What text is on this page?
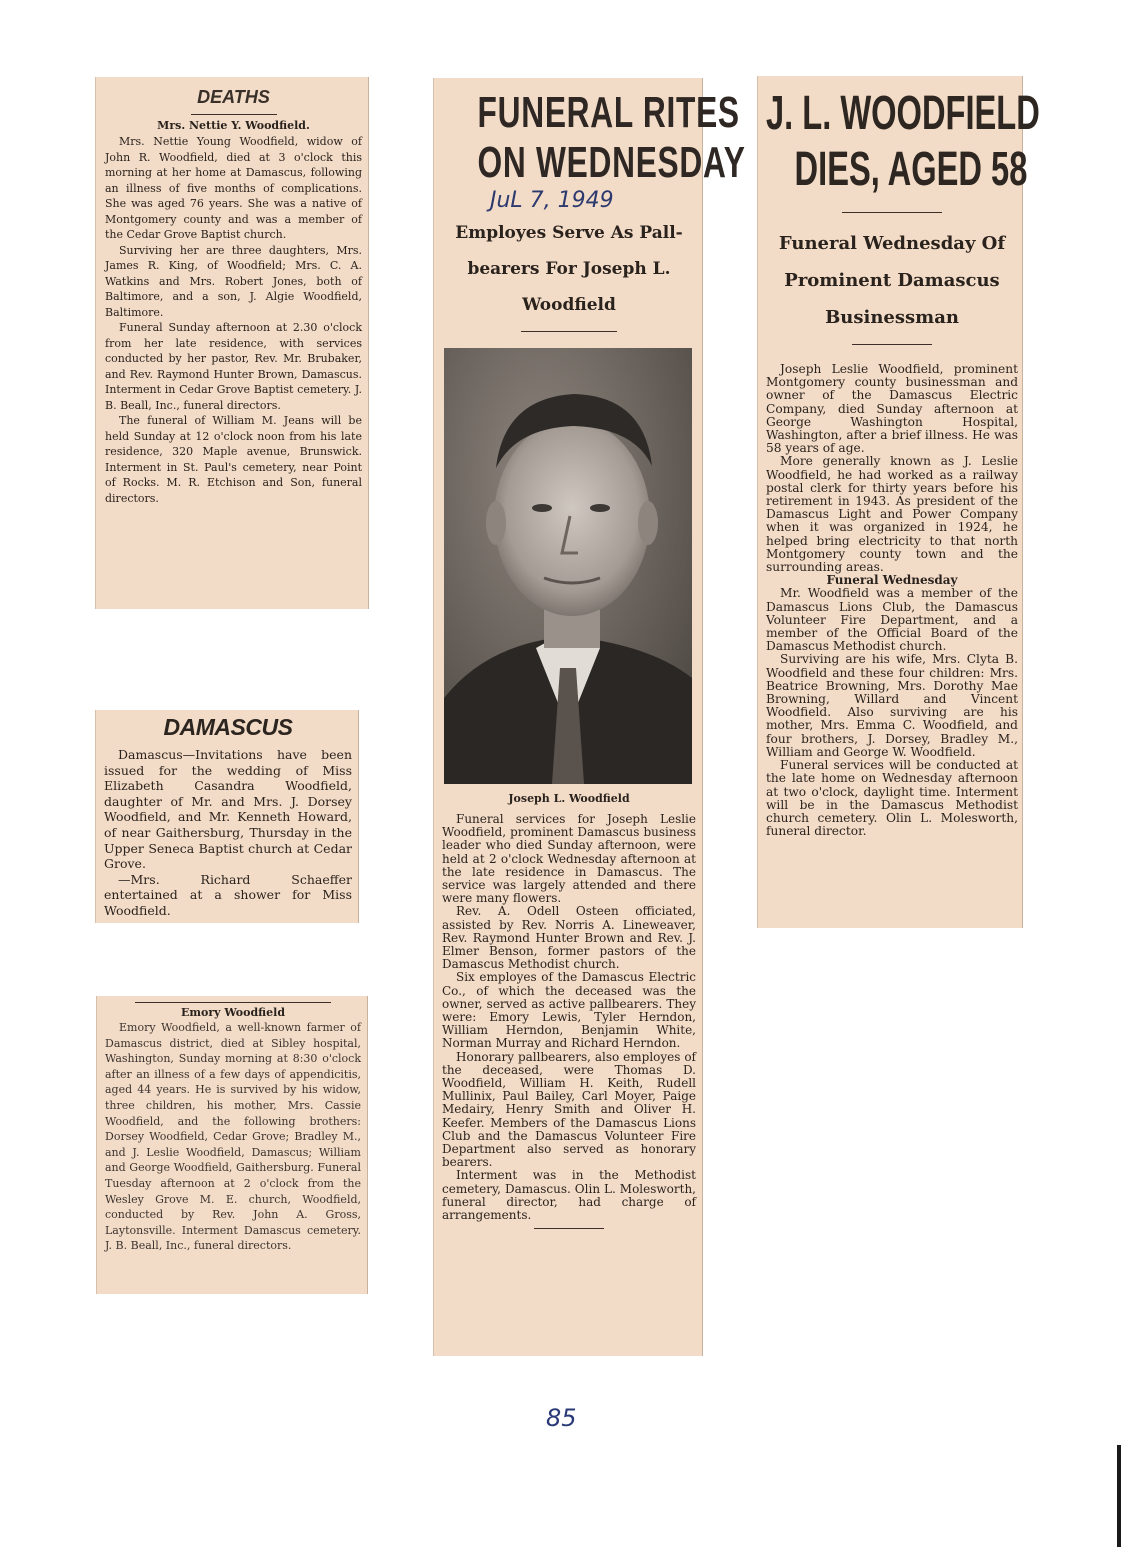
DEATHS
Mrs. Nettie Y. Woodfield.

Mrs. Nettie Young Woodfield, widow of John R. Woodfield, died at 3 o'clock this morning at her home at Damascus, following an illness of five months of complications. She was aged 76 years. She was a native of Montgomery county and was a member of the Cedar Grove Baptist church.

Surviving her are three daughters, Mrs. James R. King, of Woodfield; Mrs. C. A. Watkins and Mrs. Robert Jones, both of Baltimore, and a son, J. Algie Woodfield, Baltimore.

Funeral Sunday afternoon at 2.30 o'clock from her late residence, with services conducted by her pastor, Rev. Mr. Brubaker, and Rev. Raymond Hunter Brown, Damascus. Interment in Cedar Grove Baptist cemetery. J. B. Beall, Inc., funeral directors.

The funeral of William M. Jeans will be held Sunday at 12 o'clock noon from his late residence, 320 Maple avenue, Brunswick. Interment in St. Paul's cemetery, near Point of Rocks. M. R. Etchison and Son, funeral directors.

DAMASCUS

Damascus—Invitations have been issued for the wedding of Miss Elizabeth Casandra Woodfield, daughter of Mr. and Mrs. J. Dorsey Woodfield, and Mr. Kenneth Howard, of near Gaithersburg, Thursday in the Upper Seneca Baptist church at Cedar Grove.

—Mrs. Richard Schaeffer entertained at a shower for Miss Woodfield.

Emory Woodfield

Emory Woodfield, a well-known farmer of Damascus district, died at Sibley hospital, Washington, Sunday morning at 8:30 o'clock after an illness of a few days of appendicitis, aged 44 years. He is survived by his widow, three children, his mother, Mrs. Cassie Woodfield, and the following brothers: Dorsey Woodfield, Cedar Grove; Bradley M., and J. Leslie Woodfield, Damascus; William and George Woodfield, Gaithersburg. Funeral Tuesday afternoon at 2 o'clock from the Wesley Grove M. E. church, Woodfield, conducted by Rev. John A. Gross, Laytonsville. Interment Damascus cemetery. J. B. Beall, Inc., funeral directors.

FUNERAL RITES
ON WEDNESDAY
JuL 7, 1949
Employes Serve As Pall-
bearers For Joseph L.
Woodfield
Joseph L. Woodfield

Funeral services for Joseph Leslie Woodfield, prominent Damascus business leader who died Sunday afternoon, were held at 2 o'clock Wednesday afternoon at the late residence in Damascus. The service was largely attended and there were many flowers.

Rev. A. Odell Osteen officiated, assisted by Rev. Norris A. Lineweaver, Rev. Raymond Hunter Brown and Rev. J. Elmer Benson, former pastors of the Damascus Methodist church.

Six employes of the Damascus Electric Co., of which the deceased was the owner, served as active pallbearers. They were: Emory Lewis, Tyler Herndon, William Herndon, Benjamin White, Norman Murray and Richard Herndon.

Honorary pallbearers, also employes of the deceased, were Thomas D. Woodfield, William H. Keith, Rudell Mullinix, Paul Bailey, Carl Moyer, Paige Medairy, Henry Smith and Oliver H. Keefer. Members of the Damascus Lions Club and the Damascus Volunteer Fire Department also served as honorary bearers.

Interment was in the Methodist cemetery, Damascus. Olin L. Molesworth, funeral director, had charge of arrangements.

J. L. WOODFIELD
DIES, AGED 58
Funeral Wednesday Of
Prominent Damascus
Businessman

Joseph Leslie Woodfield, prominent Montgomery county businessman and owner of the Damascus Electric Company, died Sunday afternoon at George Washington Hospital, Washington, after a brief illness. He was 58 years of age.

More generally known as J. Leslie Woodfield, he had worked as a railway postal clerk for thirty years before his retirement in 1943. As president of the Damascus Light and Power Company when it was organized in 1924, he helped bring electricity to that north Montgomery county town and the surrounding areas.

Funeral Wednesday

Mr. Woodfield was a member of the Damascus Lions Club, the Damascus Volunteer Fire Department, and a member of the Official Board of the Damascus Methodist church.

Surviving are his wife, Mrs. Clyta B. Woodfield and these four children: Mrs. Beatrice Browning, Mrs. Dorothy Mae Browning, Willard and Vincent Woodfield. Also surviving are his mother, Mrs. Emma C. Woodfield, and four brothers, J. Dorsey, Bradley M., William and George W. Woodfield.

Funeral services will be conducted at the late home on Wednesday afternoon at two o'clock, daylight time. Interment will be in the Damascus Methodist church cemetery. Olin L. Molesworth, funeral director.

85
